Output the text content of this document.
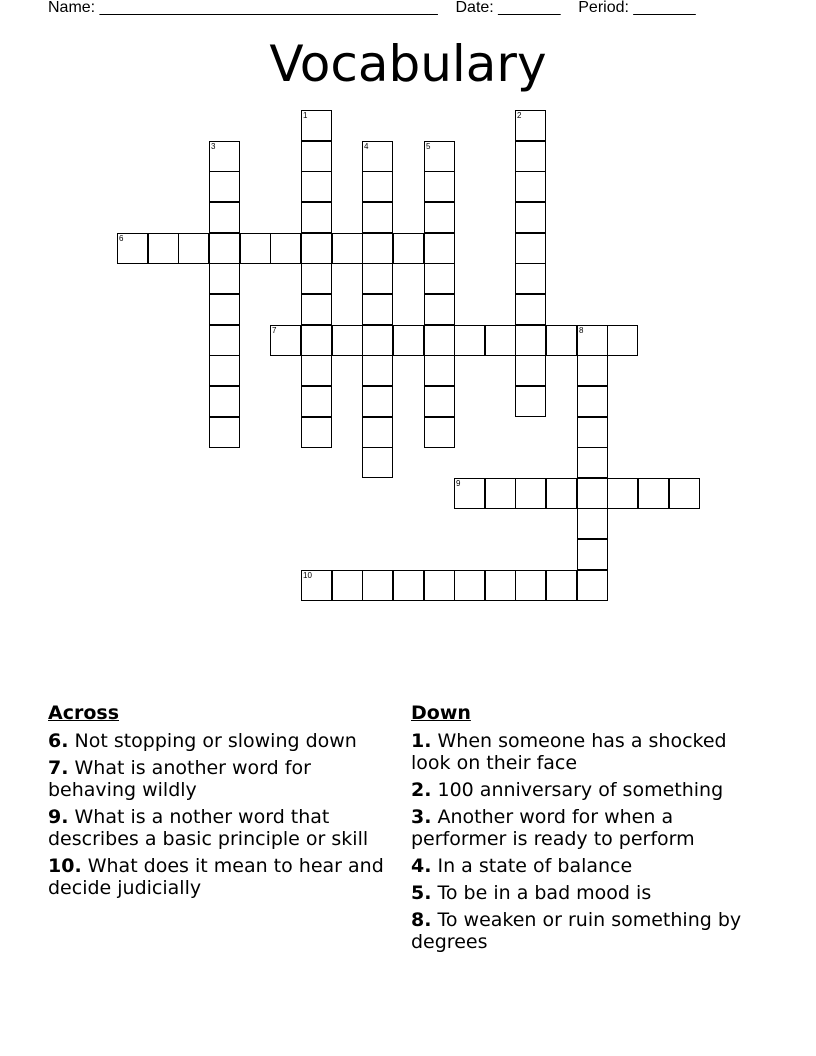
Name: ______________________________________    Date: _______    Period: _______
Vocabulary
1	2
3	4	5
6
7	8
9
10
Across
6. Not stopping or slowing down
7. What is another word for behaving wildly
9. What is a nother word that describes a basic principle or skill
10. What does it mean to hear and decide judicially
Down
1. When someone has a shocked look on their face
2. 100 anniversary of something
3. Another word for when a performer is ready to perform
4. In a state of balance
5. To be in a bad mood is
8. To weaken or ruin something by degrees
